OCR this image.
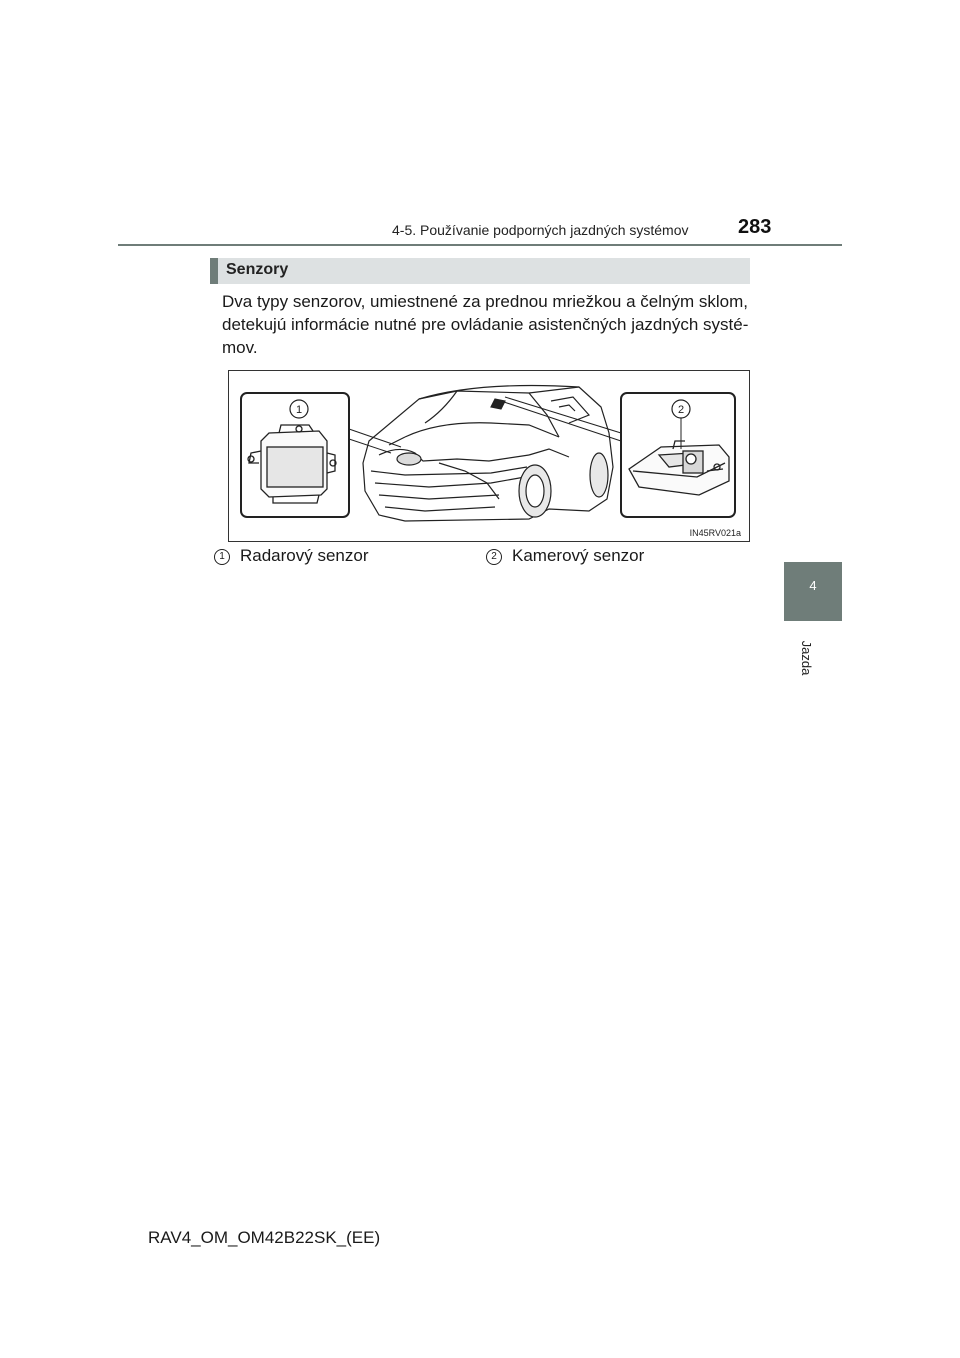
4-5. Používanie podporných jazdných systémov 283
4
Jazda
Senzory

Dva typy senzorov, umiestnené za prednou mriežkou a čelným sklom,
detekujú informácie nutné pre ovládanie asistenčných jazdných systé-
mov.

1	2
IN45RV021a
1 Radarový senzor	2 Kamerový senzor
RAV4_OM_OM42B22SK_(EE)
